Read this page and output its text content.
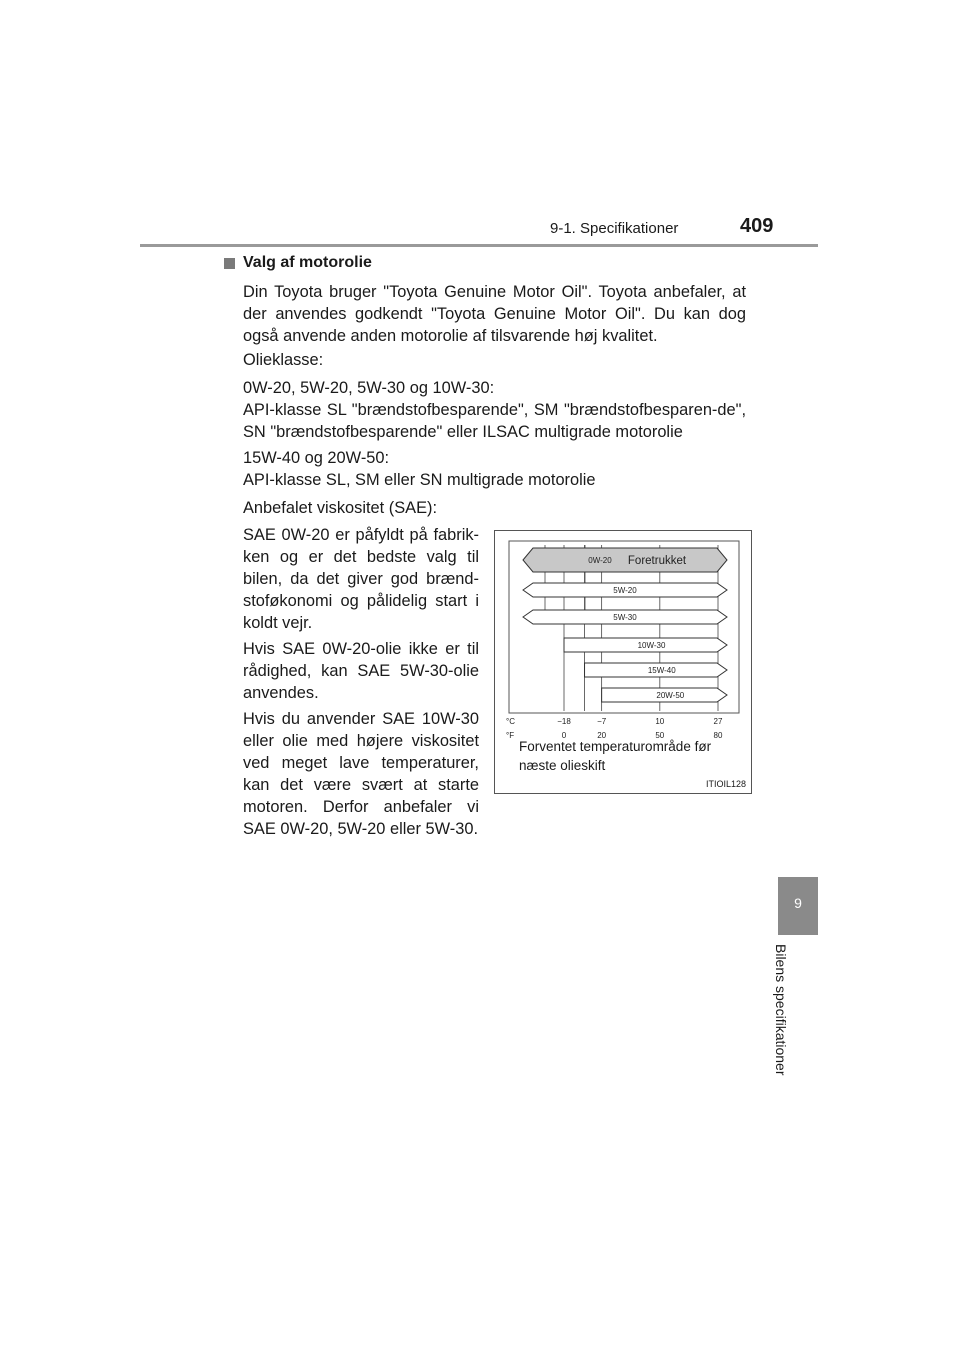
9-1. Specifikationer	409
9
Bilens specifikationer
Valg af motorolie
Din Toyota bruger "Toyota Genuine Motor Oil". Toyota anbefaler, at der anvendes godkendt "Toyota Genuine Motor Oil". Du kan dog også anvende anden motorolie af tilsvarende høj kvalitet.
Olieklasse:
0W-20, 5W-20, 5W-30 og 10W-30:
API-klasse SL "brændstofbesparende", SM "brændstofbesparen-de", SN "brændstofbesparende" eller ILSAC multigrade motorolie
15W-40 og 20W-50:
API-klasse SL, SM eller SN multigrade motorolie
Anbefalet viskositet (SAE):
SAE 0W-20 er påfyldt på fabrik-ken og er det bedste valg til bilen, da det giver god brænd-stoføkonomi og pålidelig start i koldt vejr.
Hvis SAE 0W-20-olie ikke er til rådighed, kan SAE 5W-30-olie anvendes.
Hvis du anvender SAE 10W-30 eller olie med højere viskositet ved meget lave temperaturer, kan det være svært at starte motoren. Derfor anbefaler vi SAE 0W-20, 5W-20 eller 5W-30.
0W-20 Foretrukket
5W-20
5W-30
10W-30
15W-40
20W-50
°C
°F
−18	−7	10	27
0	20	50	80
Forventet temperaturområde før næste olieskift
ITIOIL128
